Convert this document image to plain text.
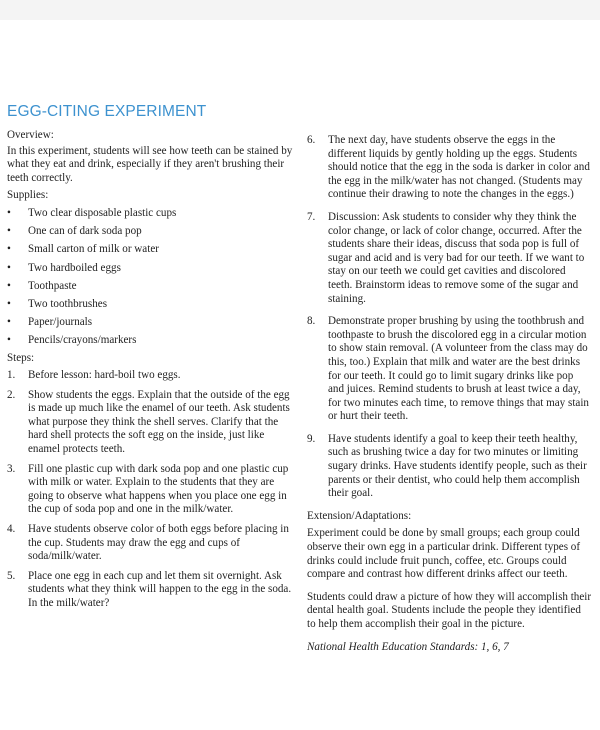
EGG-CITING EXPERIMENT
Overview:
In this experiment, students will see how teeth can be stained by what they eat and drink, especially if they aren't brushing their teeth correctly.
Supplies:
• Two clear disposable plastic cups
• One can of dark soda pop
• Small carton of milk or water
• Two hardboiled eggs
• Toothpaste
• Two toothbrushes
• Paper/journals
• Pencils/crayons/markers
Steps:
1. Before lesson: hard-boil two eggs.
2. Show students the eggs. Explain that the outside of the egg is made up much like the enamel of our teeth. Ask students what purpose they think the shell serves. Clarify that the hard shell protects the soft egg on the inside, just like enamel protects teeth.
3. Fill one plastic cup with dark soda pop and one plastic cup with milk or water. Explain to the students that they are going to observe what happens when you place one egg in the cup of soda pop and one in the milk/water.
4. Have students observe color of both eggs before placing in the cup. Students may draw the egg and cups of soda/milk/water.
5. Place one egg in each cup and let them sit overnight. Ask students what they think will happen to the egg in the soda. In the milk/water?
6. The next day, have students observe the eggs in the different liquids by gently holding up the eggs. Students should notice that the egg in the soda is darker in color and the egg in the milk/water has not changed. (Students may continue their drawing to note the changes in the eggs.)
7. Discussion: Ask students to consider why they think the color change, or lack of color change, occurred. After the students share their ideas, discuss that soda pop is full of sugar and acid and is very bad for our teeth. If we want to stay on our teeth we could get cavities and discolored teeth. Brainstorm ideas to remove some of the sugar and staining.
8. Demonstrate proper brushing by using the toothbrush and toothpaste to brush the discolored egg in a circular motion to show stain removal. (A volunteer from the class may do this, too.) Explain that milk and water are the best drinks for our teeth. It could go to limit sugary drinks like pop and juices. Remind students to brush at least twice a day, for two minutes each time, to remove things that may stain or hurt their teeth.
9. Have students identify a goal to keep their teeth healthy, such as brushing twice a day for two minutes or limiting sugary drinks. Have students identify people, such as their parents or their dentist, who could help them accomplish their goal.
Extension/Adaptations:
Experiment could be done by small groups; each group could observe their own egg in a particular drink. Different types of drinks could include fruit punch, coffee, etc. Groups could compare and contrast how different drinks affect our teeth.
Students could draw a picture of how they will accomplish their dental health goal. Students include the people they identified to help them accomplish their goal in the picture.
National Health Education Standards: 1, 6, 7
